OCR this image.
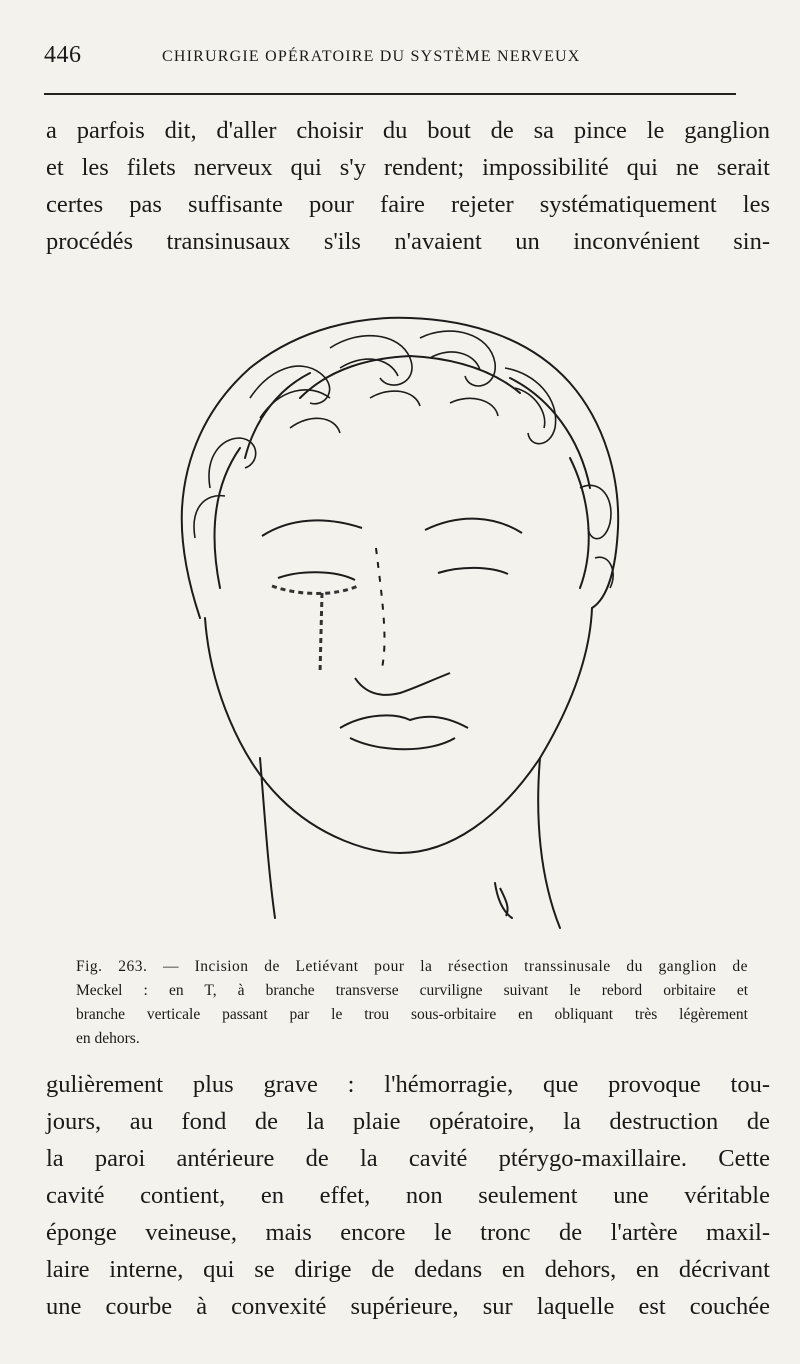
446	CHIRURGIE OPÉRATOIRE DU SYSTÈME NERVEUX
a parfois dit, d'aller choisir du bout de sa pince le ganglion
et les filets nerveux qui s'y rendent; impossibilité qui ne serait
certes pas suffisante pour faire rejeter systématiquement les
procédés transinusaux s'ils n'avaient un inconvénient sin-
Fig. 263. — Incision de Letiévant pour la résection transsinusale du ganglion de
Meckel : en T, à branche transverse curviligne suivant le rebord orbitaire et
branche verticale passant par le trou sous-orbitaire en obliquant très légèrement
en dehors.
gulièrement plus grave : l'hémorragie, que provoque tou-
jours, au fond de la plaie opératoire, la destruction de
la paroi antérieure de la cavité ptérygo-maxillaire. Cette
cavité contient, en effet, non seulement une véritable
éponge veineuse, mais encore le tronc de l'artère maxil-
laire interne, qui se dirige de dedans en dehors, en décrivant
une courbe à convexité supérieure, sur laquelle est couchée
